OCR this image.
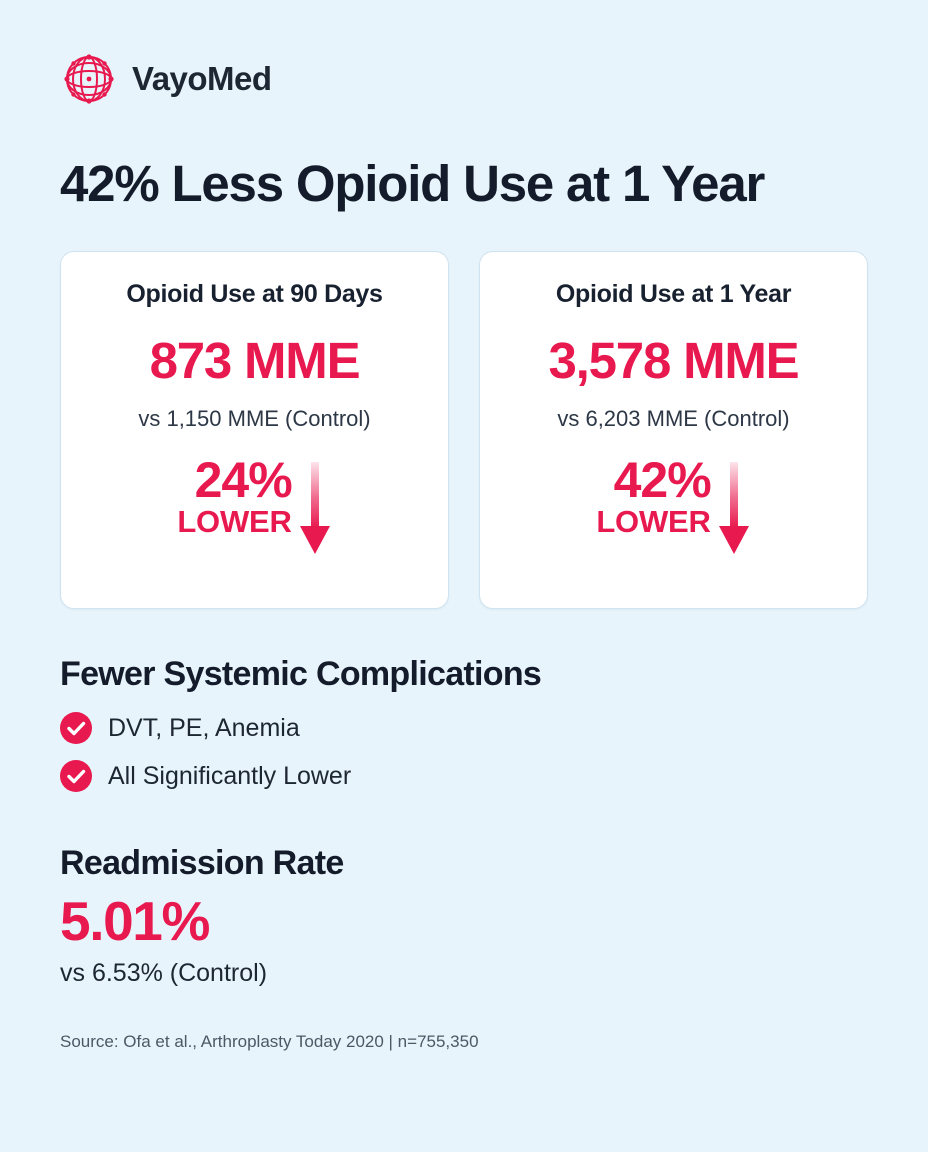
VayoMed
42% Less Opioid Use at 1 Year
Opioid Use at 90 Days
873 MME
vs 1,150 MME (Control)
24%
LOWER
Opioid Use at 1 Year
3,578 MME
vs 6,203 MME (Control)
42%
LOWER
Fewer Systemic Complications
DVT, PE, Anemia
All Significantly Lower
Readmission Rate
5.01%
vs 6.53% (Control)
Source: Ofa et al., Arthroplasty Today 2020 | n=755,350
